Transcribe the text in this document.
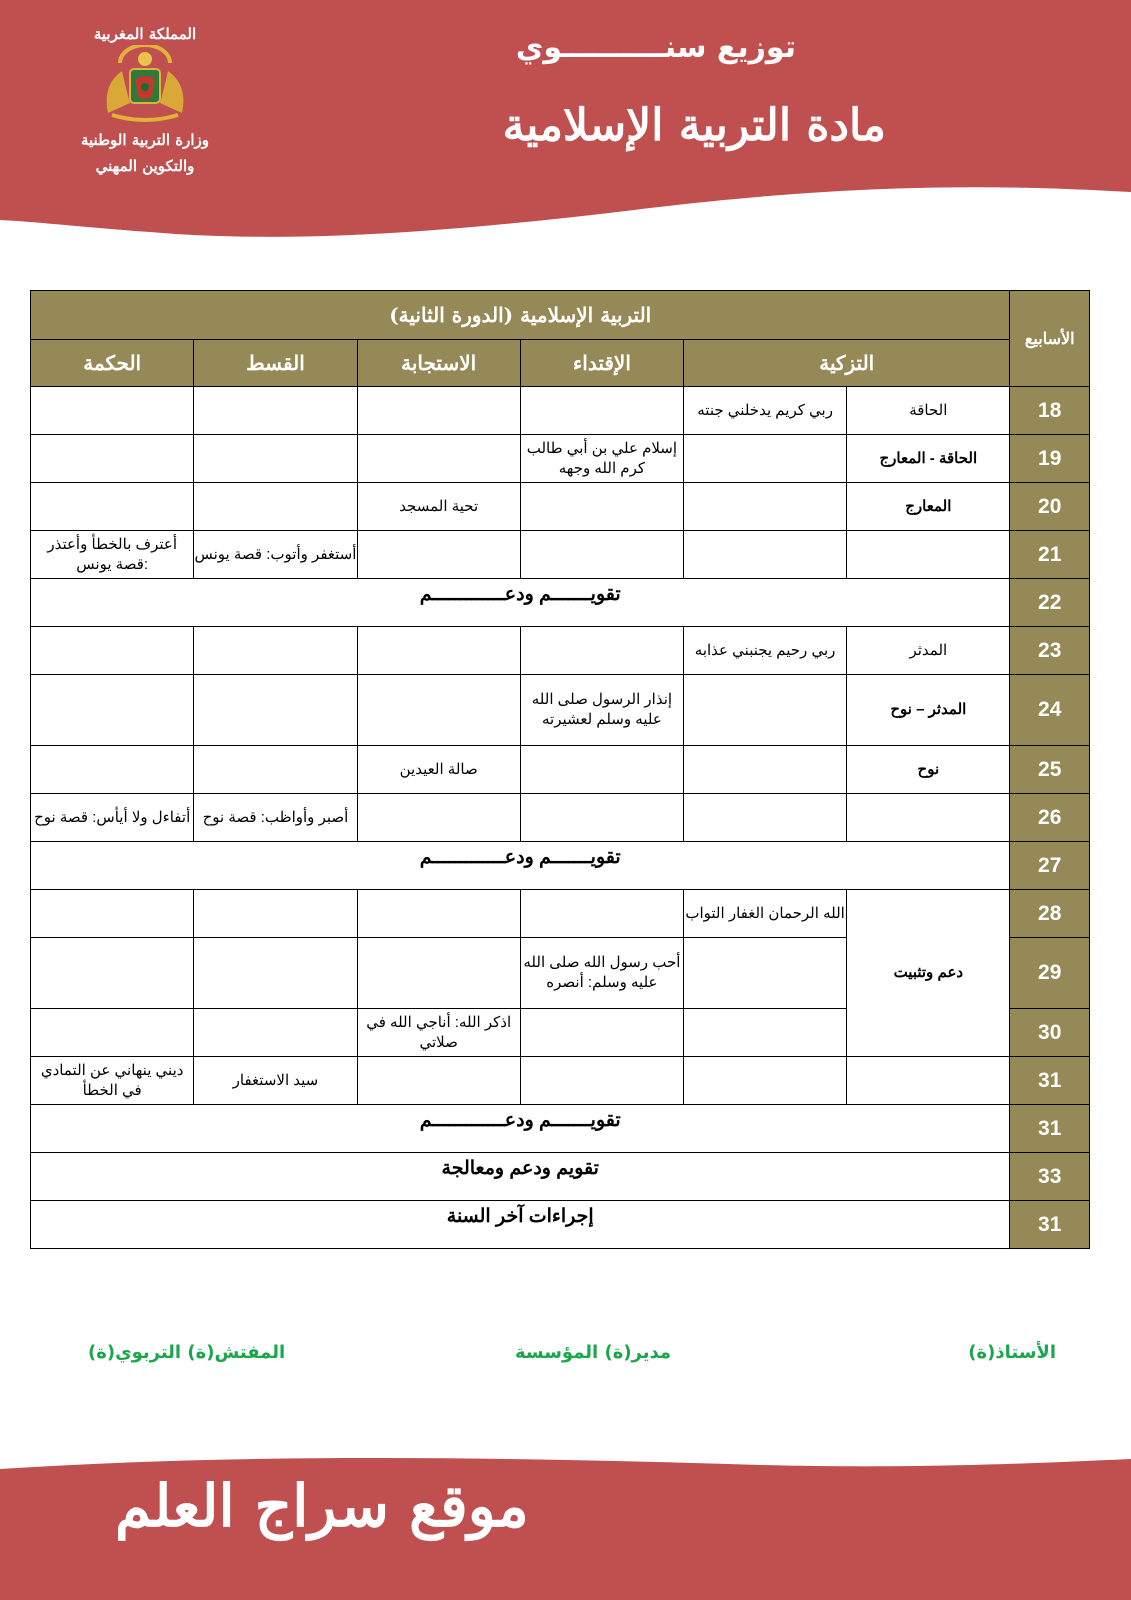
المملكة المغربية
وزارة التربية الوطنية
والتكوين المهني
توزيع سنــــــــــوي
مادة التربية الإسلامية
الأسابيع	التربية الإسلامية (الدورة الثانية)					
	التزكية		الإقتداء	الاستجابة	القسط	الحكمة
18	الحاقة	ربي كريم يدخلني جنته				
19	الحاقة - المعارج		إسلام علي بن أبي طالب كرم الله وجهه			
20	المعارج			تحية المسجد		
21					أستغفر وأتوب: قصة يونس	أعترف بالخطأ وأعتذر :قصة يونس
22	تقويـــــــم ودعـــــــــــــم					
23	المدثر	ربي رحيم يجنبني عذابه				
24	المدثر – نوح		إنذار الرسول صلى الله عليه وسلم لعشيرته			
25	نوح			صالة العيدين		
26					أصبر وأواظب: قصة نوح	أتفاءل ولا أيأس: قصة نوح
27	تقويـــــــم ودعـــــــــــــم					
28	دعم وتثبيت	الله الرحمان الغفار التواب				
29			أحب رسول الله صلى الله عليه وسلم: أنصره			
30				اذكر الله: أناجي الله في صلاتي		
31					سيد الاستغفار	ديني ينهاني عن التمادي في الخطأ
31	تقويـــــــم ودعـــــــــــــم					
33	تقويم ودعم ومعالجة					
31	إجراءات آخر السنة					
الأستاذ(ة)
مدير(ة) المؤسسة
المفتش(ة) التربوي(ة)
موقع سراج العلم
